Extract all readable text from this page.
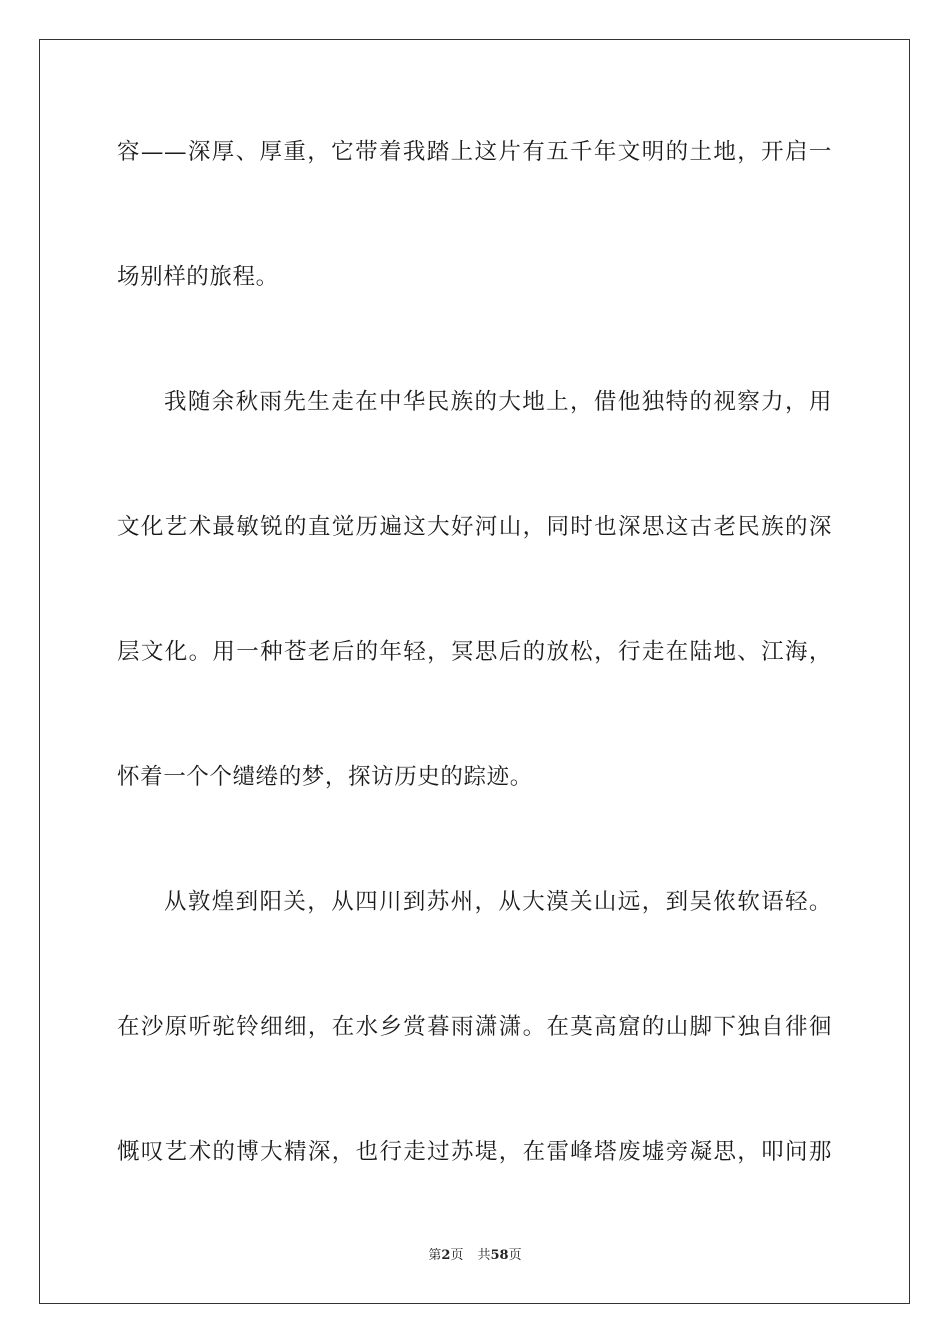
容——深厚、厚重，它带着我踏上这片有五千年文明的土地，开启一
场别样的旅程。
我随余秋雨先生走在中华民族的大地上，借他独特的视察力，用
文化艺术最敏锐的直觉历遍这大好河山，同时也深思这古老民族的深
层文化。用一种苍老后的年轻，冥思后的放松，行走在陆地、江海，
怀着一个个缱绻的梦，探访历史的踪迹。
从敦煌到阳关，从四川到苏州，从大漠关山远，到吴侬软语轻。
在沙原听驼铃细细，在水乡赏暮雨潇潇。在莫高窟的山脚下独自徘徊
慨叹艺术的博大精深，也行走过苏堤，在雷峰塔废墟旁凝思，叩问那
第2页 共58页
